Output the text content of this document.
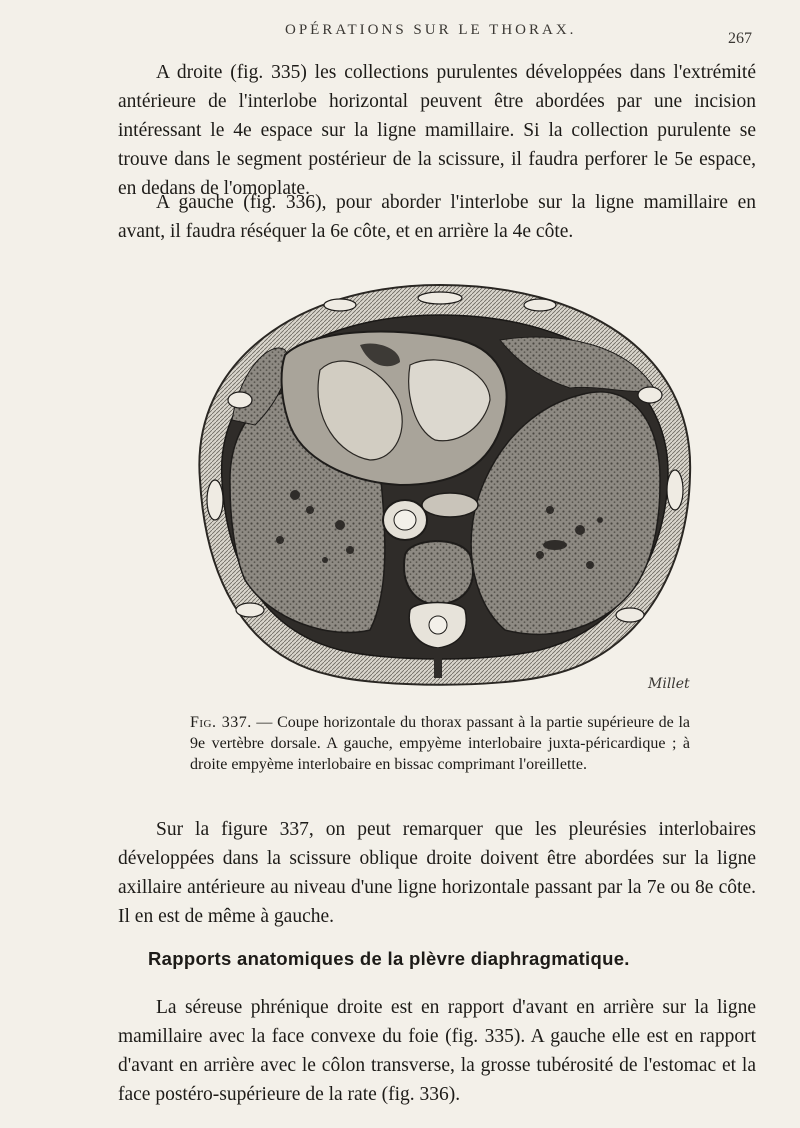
OPÉRATIONS SUR LE THORAX.	267

A droite (fig. 335) les collections purulentes développées dans l'extrémité antérieure de l'interlobe horizontal peuvent être abordées par une incision intéressant le 4e espace sur la ligne mamillaire. Si la collection purulente se trouve dans le segment postérieur de la scissure, il faudra perforer le 5e espace, en dedans de l'omoplate.

A gauche (fig. 336), pour aborder l'interlobe sur la ligne mamillaire en avant, il faudra réséquer la 6e côte, et en arrière la 4e côte.

Millet

Fig. 337. — Coupe horizontale du thorax passant à la partie supérieure de la 9e vertèbre dorsale. A gauche, empyème interlobaire juxta-péricardique ; à droite empyème interlobaire en bissac comprimant l'oreillette.

Sur la figure 337, on peut remarquer que les pleurésies interlobaires développées dans la scissure oblique droite doivent être abordées sur la ligne axillaire antérieure au niveau d'une ligne horizontale passant par la 7e ou 8e côte. Il en est de même à gauche.

Rapports anatomiques de la plèvre diaphragmatique.

La séreuse phrénique droite est en rapport d'avant en arrière sur la ligne mamillaire avec la face convexe du foie (fig. 335). A gauche elle est en rapport d'avant en arrière avec le côlon transverse, la grosse tubérosité de l'estomac et la face postéro-supérieure de la rate (fig. 336).
